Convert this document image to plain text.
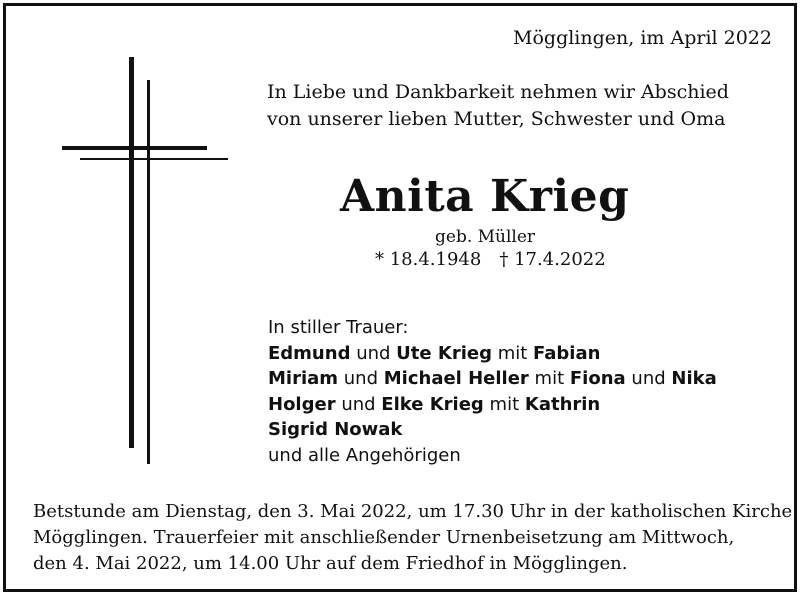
Mögglingen, im April 2022
In Liebe und Dankbarkeit nehmen wir Abschied
von unserer lieben Mutter, Schwester und Oma
Anita Krieg
geb. Müller
* 18.4.1948 † 17.4.2022
In stiller Trauer:
Edmund und Ute Krieg mit Fabian
Miriam und Michael Heller mit Fiona und Nika
Holger und Elke Krieg mit Kathrin
Sigrid Nowak
und alle Angehörigen
Betstunde am Dienstag, den 3. Mai 2022, um 17.30 Uhr in der katholischen Kirche
Mögglingen. Trauerfeier mit anschließender Urnenbeisetzung am Mittwoch,
den 4. Mai 2022, um 14.00 Uhr auf dem Friedhof in Mögglingen.
